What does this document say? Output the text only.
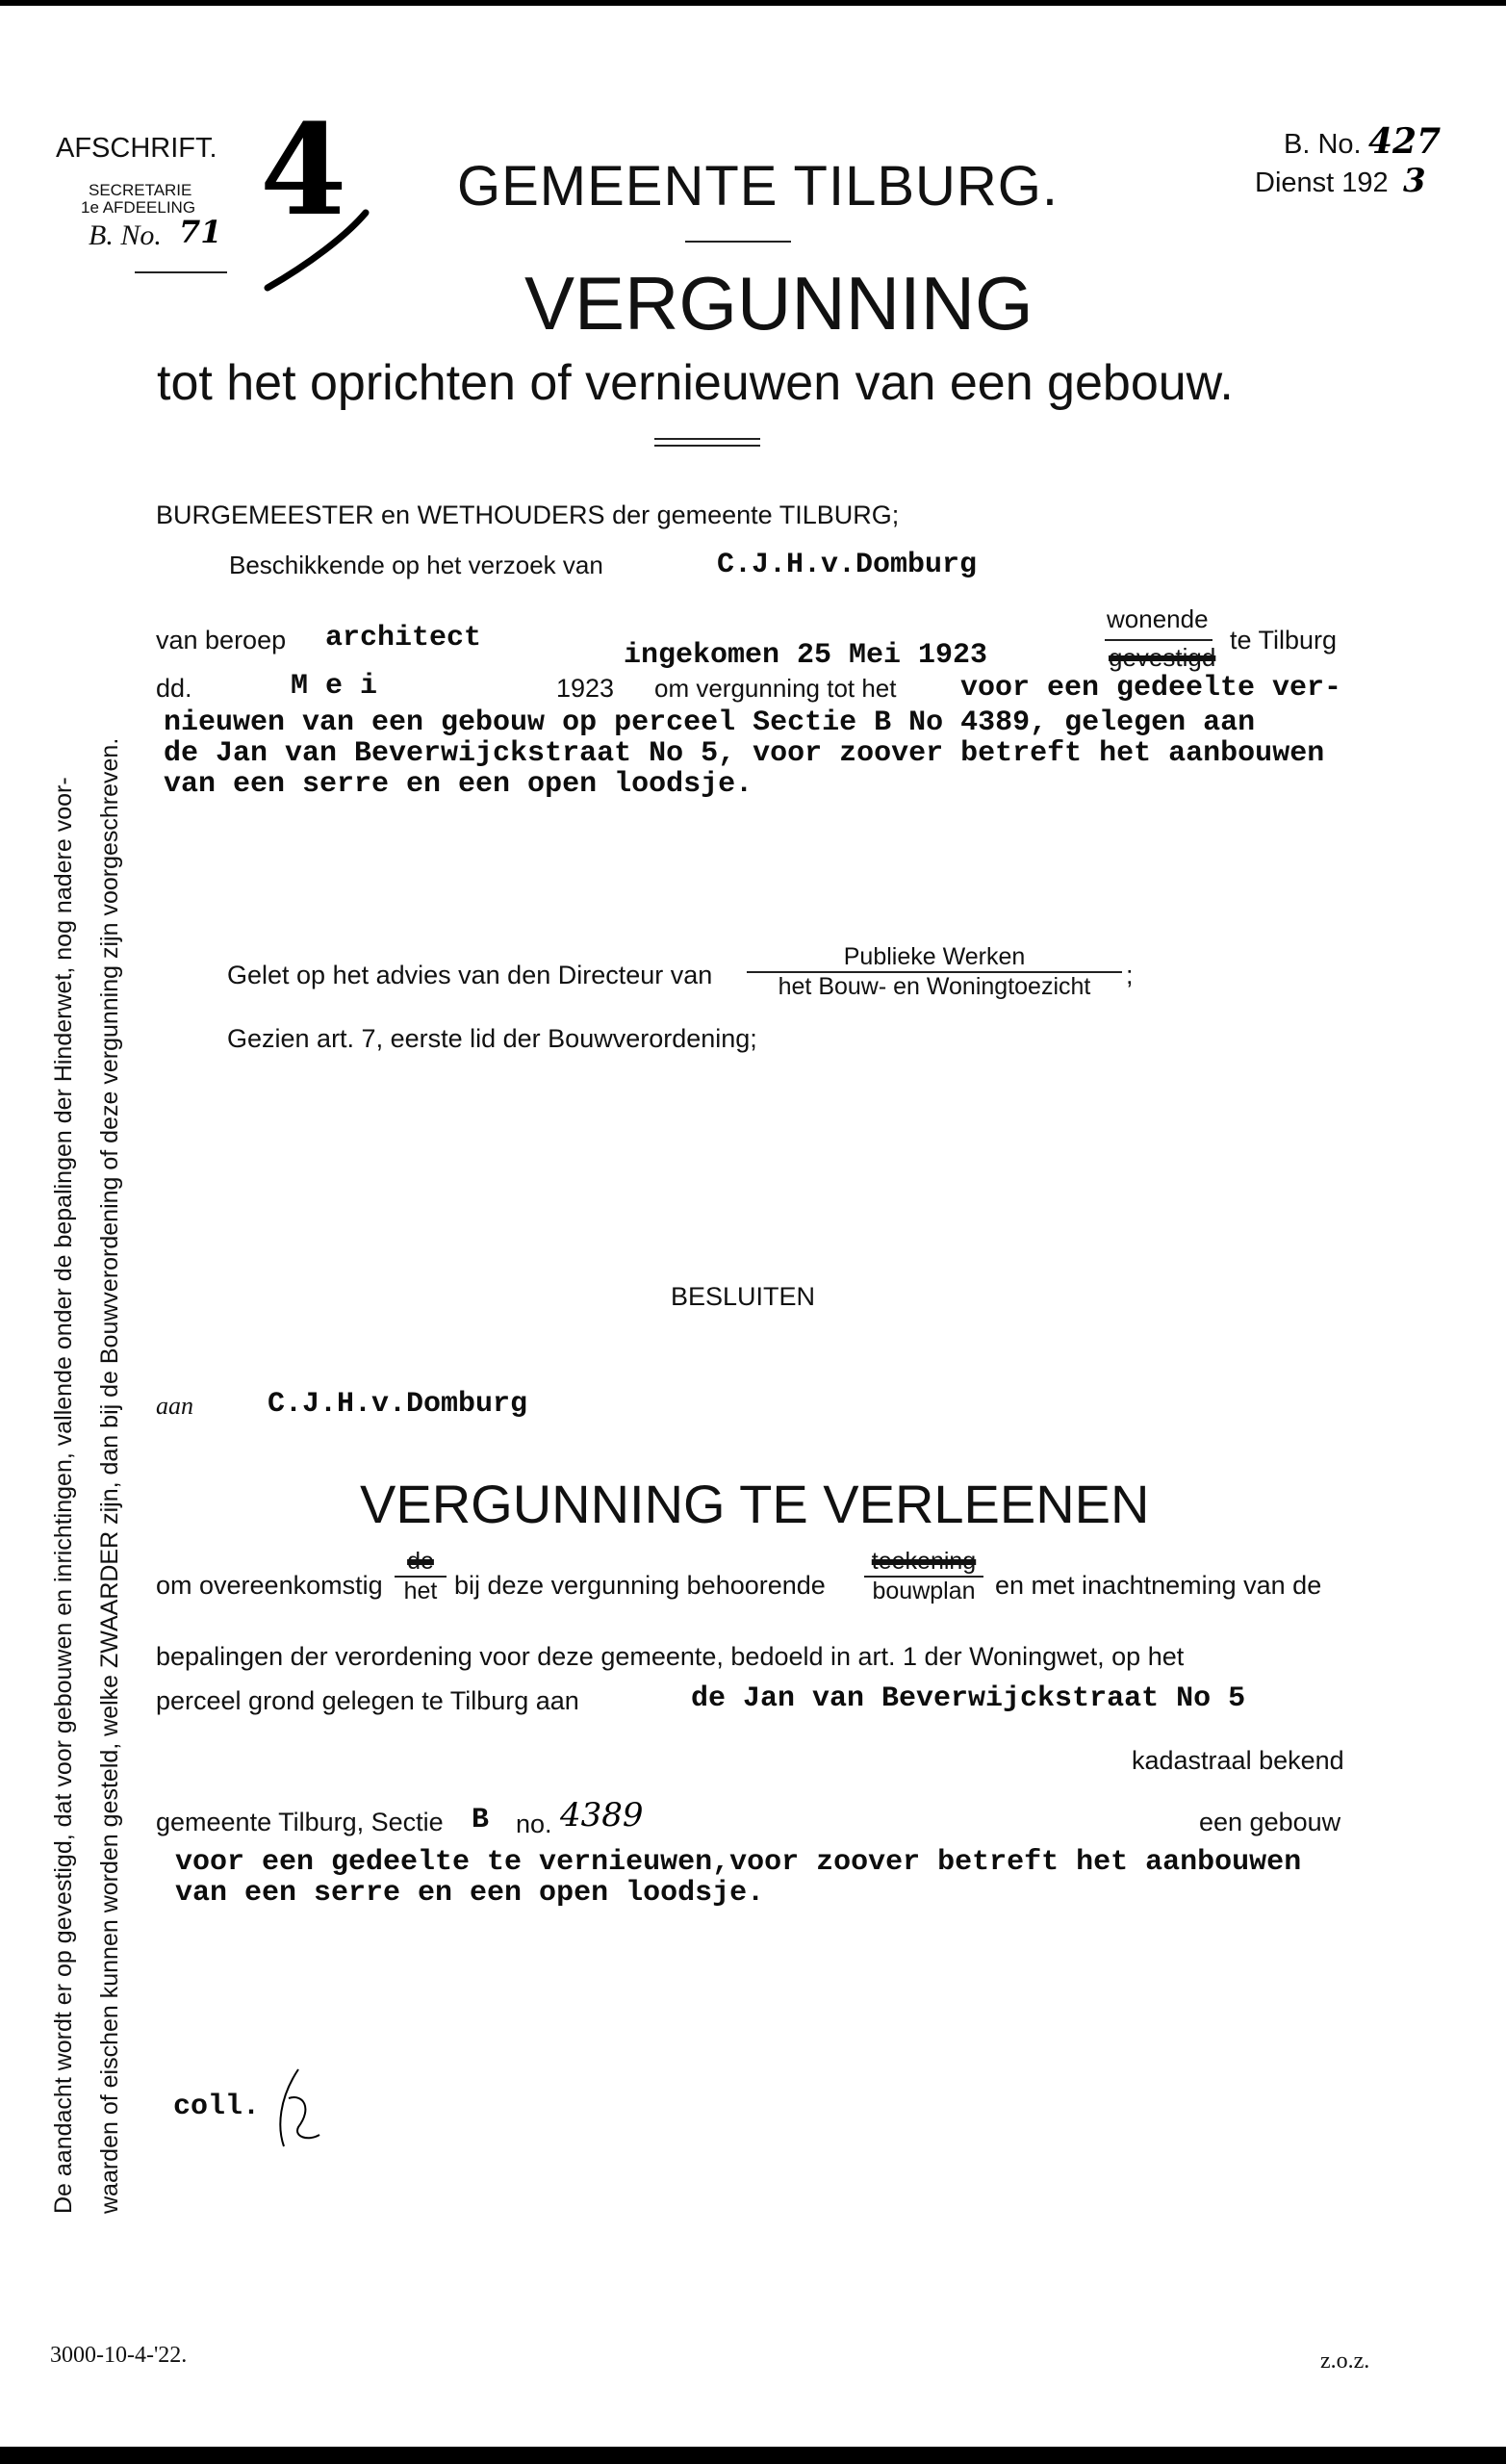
AFSCHRIFT.
SECRETARIE
1e AFDEELING
B. No. 71 4 GEMEENTE TILBURG.
B. No. 427
Dienst 192 3
VERGUNNING
tot het oprichten of vernieuwen van een gebouw.
De aandacht wordt er op gevestigd, dat voor gebouwen en inrichtingen, vallende onder de bepalingen der Hinderwet, nog nadere voor- waarden of eischen kunnen worden gesteld, welke ZWAARDER zijn, dan bij de Bouwverordening of deze vergunning zijn voorgeschreven.
BURGEMEESTER en WETHOUDERS der gemeente TILBURG;
Beschikkende op het verzoek van	C.J.H.v.Domburg
van beroep architect
wonende
gevestigd
te Tilburg
ingekomen 25 Mei 1923
dd.	M e i	1923 om vergunning tot het voor een gedeelte ver-
nieuwen van een gebouw op perceel Sectie B No 4389, gelegen aan
de Jan van Beverwijckstraat No 5, voor zoover betreft het aanbouwen
van een serre en een open loodsje.
Gelet op het advies van den Directeur van
Publieke Werken
het Bouw- en Woningtoezicht	;
Gezien art. 7, eerste lid der Bouwverordening;
BESLUITEN
aan	C.J.H.v.Domburg
VERGUNNING TE VERLEENEN
om overeenkomstig
de
het bij deze vergunning behoorende
teekening
bouwplan en met inachtneming van de
bepalingen der verordening voor deze gemeente, bedoeld in art. 1 der Woningwet, op het
perceel grond gelegen te Tilburg aan	de Jan van Beverwijckstraat No 5
kadastraal bekend
gemeente Tilburg, Sectie B no. 4389	een gebouw
voor een gedeelte te vernieuwen,voor zoover betreft het aanbouwen
van een serre en een open loodsje.
coll.
3000-10-4-'22.	z.o.z.
